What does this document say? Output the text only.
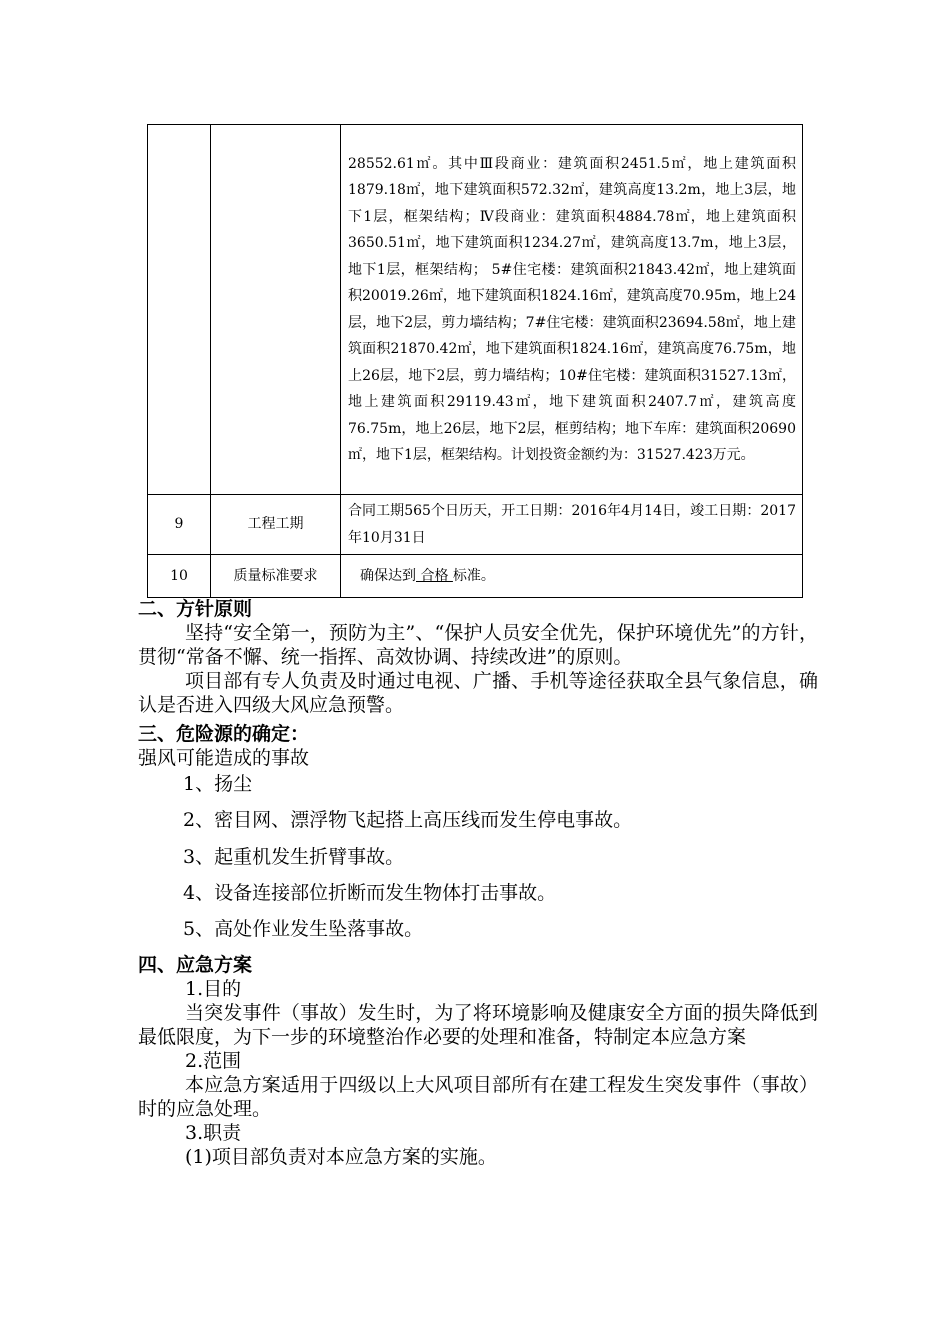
		28552.61㎡。其中Ⅲ段商业：建筑面积2451.5㎡，地上建筑面积1879.18㎡，地下建筑面积572.32㎡，建筑高度13.2m，地上3层，地下1层，框架结构；Ⅳ段商业：建筑面积4884.78㎡，地上建筑面积3650.51㎡，地下建筑面积1234.27㎡，建筑高度13.7m，地上3层，地下1层，框架结构； 5#住宅楼：建筑面积21843.42㎡，地上建筑面积20019.26㎡，地下建筑面积1824.16㎡，建筑高度70.95m，地上24层，地下2层，剪力墙结构；7#住宅楼：建筑面积23694.58㎡，地上建筑面积21870.42㎡，地下建筑面积1824.16㎡，建筑高度76.75m，地上26层，地下2层，剪力墙结构；10#住宅楼：建筑面积31527.13㎡，地上建筑面积29119.43㎡，地下建筑面积2407.7㎡，建筑高度76.75m，地上26层，地下2层，框剪结构；地下车库：建筑面积20690㎡，地下1层，框架结构。计划投资金额约为：31527.423万元。
9	工程工期	合同工期565个日历天，开工日期：2016年4月14日，竣工日期：2017年10月31日
10	质量标准要求	确保达到 合格 标准。

二、方针原则

坚持“安全第一，预防为主”、“保护人员安全优先，保护环境优先”的方针，贯彻“常备不懈、统一指挥、高效协调、持续改进”的原则。

项目部有专人负责及时通过电视、广播、手机等途径获取全县气象信息，确认是否进入四级大风应急预警。

三、危险源的确定：

强风可能造成的事故

1、扬尘
2、密目网、漂浮物飞起搭上高压线而发生停电事故。
3、起重机发生折臂事故。
4、设备连接部位折断而发生物体打击事故。
5、高处作业发生坠落事故。

四、应急方案

1.目的

当突发事件（事故）发生时，为了将环境影响及健康安全方面的损失降低到最低限度，为下一步的环境整治作必要的处理和准备，特制定本应急方案

2.范围

本应急方案适用于四级以上大风项目部所有在建工程发生突发事件（事故）时的应急处理。

3.职责

(1)项目部负责对本应急方案的实施。
